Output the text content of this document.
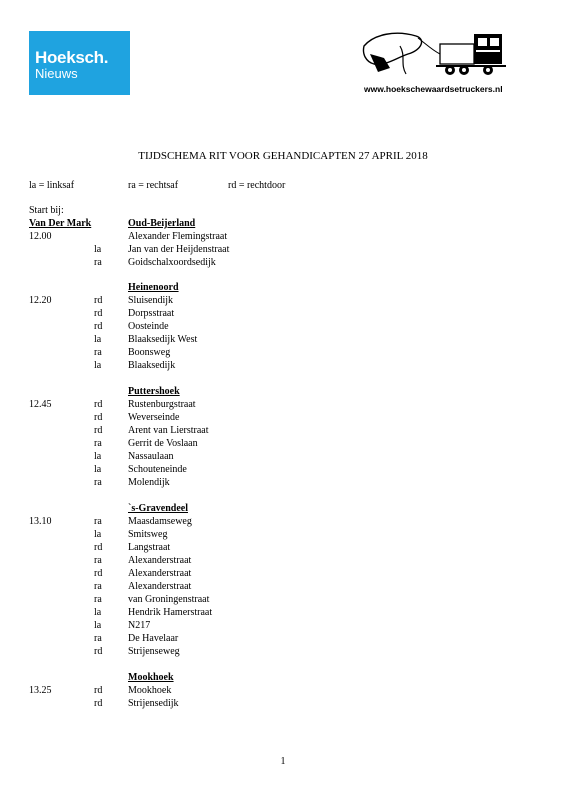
Hoeksch.
Nieuws
www.hoekschewaardsetruckers.nl
TIJDSCHEMA RIT VOOR GEHANDICAPTEN 27 APRIL 2018
la = linksaf	ra = rechtsaf	rd = rechtdoor
Start bij:
Van Der Mark	Oud-Beijerland
12.00	Alexander Flemingstraat
la	Jan van der Heijdenstraat
ra	Goidschalxoordsedijk
Heinenoord
12.20	rd	Sluisendijk
rd	Dorpsstraat
rd	Oosteinde
la	Blaaksedijk West
ra	Boonsweg
la	Blaaksedijk
Puttershoek
12.45	rd	Rustenburgstraat
rd	Weverseinde
rd	Arent van Lierstraat
ra	Gerrit de Voslaan
la	Nassaulaan
la	Schouteneinde
ra	Molendijk
`s-Gravendeel
13.10	ra	Maasdamseweg
la	Smitsweg
rd	Langstraat
ra	Alexanderstraat
rd	Alexanderstraat
ra	Alexanderstraat
ra	van Groningenstraat
la	Hendrik Hamerstraat
la	N217
ra	De Havelaar
rd	Strijenseweg
Mookhoek
13.25	rd	Mookhoek
rd	Strijensedijk
1
